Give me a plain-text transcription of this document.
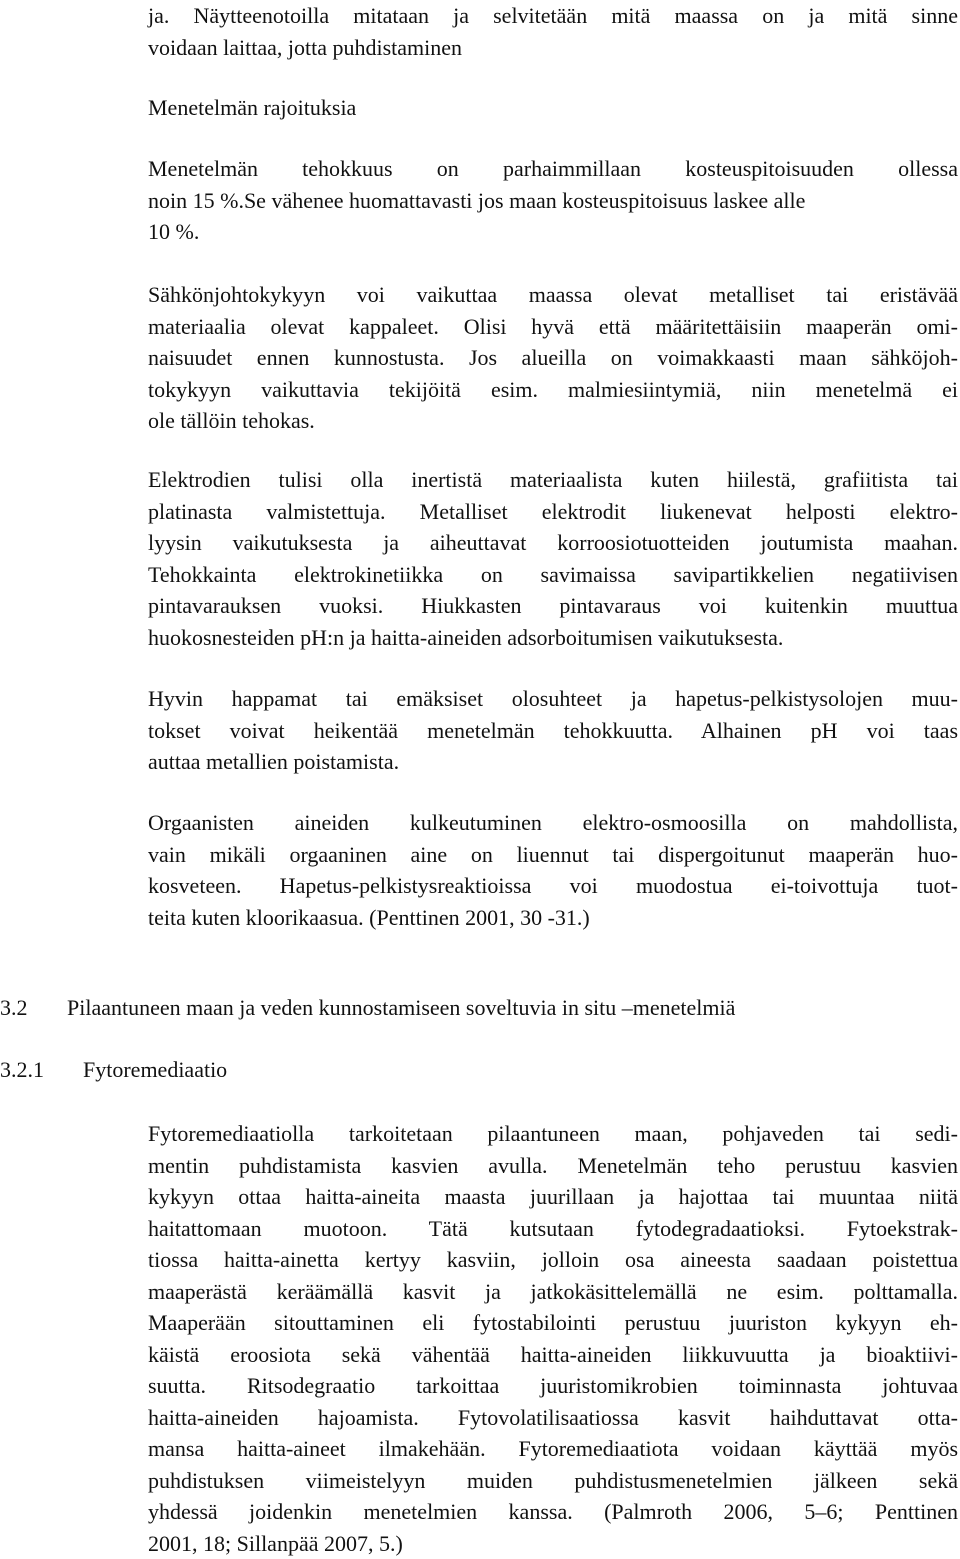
ja. Näytteenotoilla mitataan ja selvitetään mitä maassa on ja mitä sinne
voidaan laittaa, jotta puhdistaminen
Menetelmän rajoituksia
Menetelmän tehokkuus on parhaimmillaan kosteuspitoisuuden ollessa
noin 15 %.Se vähenee huomattavasti jos maan kosteuspitoisuus laskee alle
10 %.
Sähkönjohtokykyyn voi vaikuttaa maassa olevat metalliset tai eristävää
materiaalia olevat kappaleet. Olisi hyvä että määritettäisiin maaperän omi-
naisuudet ennen kunnostusta. Jos alueilla on voimakkaasti maan sähköjoh-
tokykyyn vaikuttavia tekijöitä esim. malmiesiintymiä, niin menetelmä ei
ole tällöin tehokas.
Elektrodien tulisi olla inertistä materiaalista kuten hiilestä, grafiitista tai
platinasta valmistettuja. Metalliset elektrodit liukenevat helposti elektro-
lyysin vaikutuksesta ja aiheuttavat korroosiotuotteiden joutumista maahan.
Tehokkainta elektrokinetiikka on savimaissa savipartikkelien negatiivisen
pintavarauksen vuoksi. Hiukkasten pintavaraus voi kuitenkin muuttua
huokosnesteiden pH:n ja haitta-aineiden adsorboitumisen vaikutuksesta.
Hyvin happamat tai emäksiset olosuhteet ja hapetus-pelkistysolojen muu-
tokset voivat heikentää menetelmän tehokkuutta. Alhainen pH voi taas
auttaa metallien poistamista.
Orgaanisten aineiden kulkeutuminen elektro-osmoosilla on mahdollista,
vain mikäli orgaaninen aine on liuennut tai dispergoitunut maaperän huo-
kosveteen. Hapetus-pelkistysreaktioissa voi muodostua ei-toivottuja tuot-
teita kuten kloorikaasua. (Penttinen 2001, 30 -31.)
3.2 Pilaantuneen maan ja veden kunnostamiseen soveltuvia in situ –menetelmiä
3.2.1 Fytoremediaatio
Fytoremediaatiolla tarkoitetaan pilaantuneen maan, pohjaveden tai sedi-
mentin puhdistamista kasvien avulla. Menetelmän teho perustuu kasvien
kykyyn ottaa haitta-aineita maasta juurillaan ja hajottaa tai muuntaa niitä
haitattomaan muotoon. Tätä kutsutaan fytodegradaatioksi. Fytoekstrak-
tiossa haitta-ainetta kertyy kasviin, jolloin osa aineesta saadaan poistettua
maaperästä keräämällä kasvit ja jatkokäsittelemällä ne esim. polttamalla.
Maaperään sitouttaminen eli fytostabilointi perustuu juuriston kykyyn eh-
käistä eroosiota sekä vähentää haitta-aineiden liikkuvuutta ja bioaktiivi-
suutta. Ritsodegraatio tarkoittaa juuristomikrobien toiminnasta johtuvaa
haitta-aineiden hajoamista. Fytovolatilisaatiossa kasvit haihduttavat otta-
mansa haitta-aineet ilmakehään. Fytoremediaatiota voidaan käyttää myös
puhdistuksen viimeistelyyn muiden puhdistusmenetelmien jälkeen sekä
yhdessä joidenkin menetelmien kanssa. (Palmroth 2006, 5–6; Penttinen
2001, 18; Sillanpää 2007, 5.)
